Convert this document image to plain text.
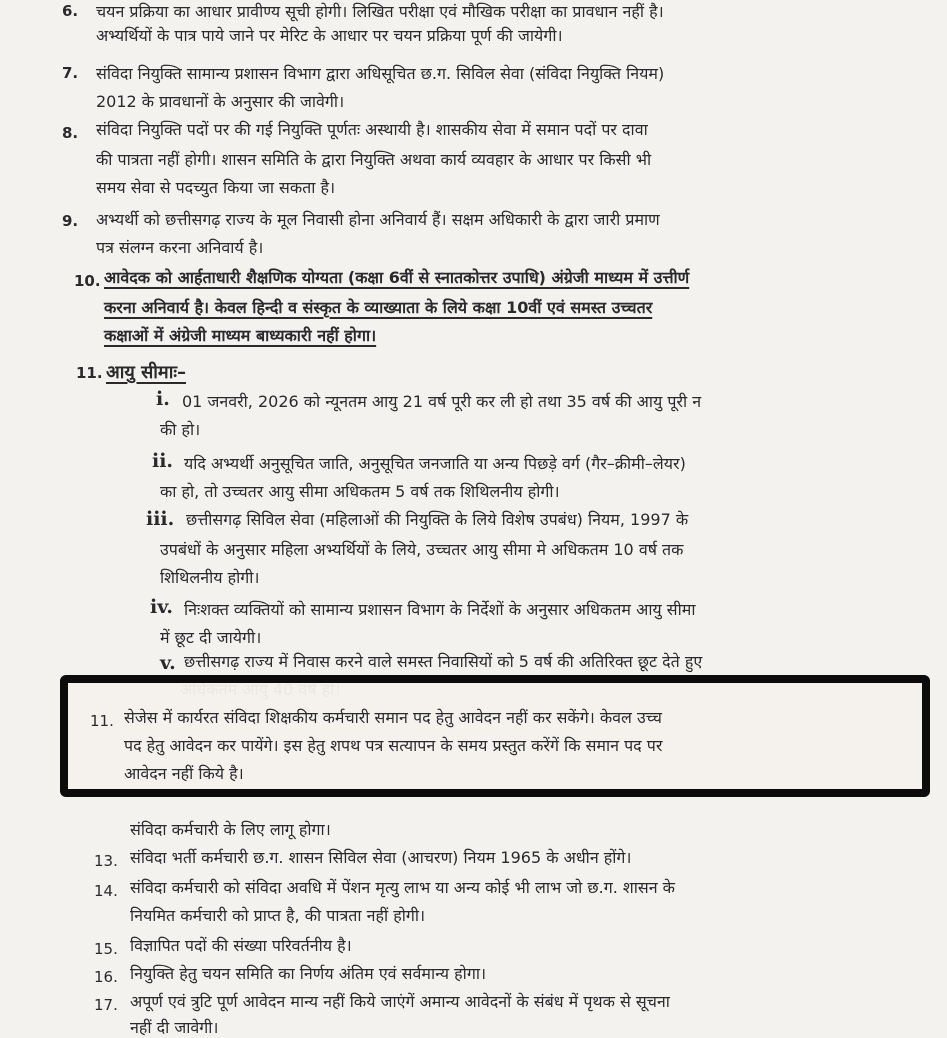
6. चयन प्रक्रिया का आधार प्रावीण्य सूची होगी। लिखित परीक्षा एवं मौखिक परीक्षा का प्रावधान नहीं है।
अभ्यर्थियों के पात्र पाये जाने पर मेरिट के आधार पर चयन प्रक्रिया पूर्ण की जायेगी।
7. संविदा नियुक्ति सामान्य प्रशासन विभाग द्वारा अधिसूचित छ.ग. सिविल सेवा (संविदा नियुक्ति नियम)
2012 के प्रावधानों के अनुसार की जावेगी।
8. संविदा नियुक्ति पदों पर की गई नियुक्ति पूर्णतः अस्थायी है। शासकीय सेवा में समान पदों पर दावा
की पात्रता नहीं होगी। शासन समिति के द्वारा नियुक्ति अथवा कार्य व्यवहार के आधार पर किसी भी
समय सेवा से पदच्युत किया जा सकता है।
9. अभ्यर्थी को छत्तीसगढ़ राज्य के मूल निवासी होना अनिवार्य हैं। सक्षम अधिकारी के द्वारा जारी प्रमाण
पत्र संलग्न करना अनिवार्य है।
10. आवेदक को आर्हताधारी शैक्षणिक योग्यता (कक्षा 6वीं से स्नातकोत्तर उपाधि) अंग्रेजी माध्यम में उत्तीर्ण
करना अनिवार्य है। केवल हिन्दी व संस्कृत के व्याख्याता के लिये कक्षा 10वीं एवं समस्त उच्चतर
कक्षाओं में अंग्रेजी माध्यम बाध्यकारी नहीं होगा।
11. आयु सीमाः–
i. 01 जनवरी, 2026 को न्यूनतम आयु 21 वर्ष पूरी कर ली हो तथा 35 वर्ष की आयु पूरी न
की हो।
ii. यदि अभ्यर्थी अनुसूचित जाति, अनुसूचित जनजाति या अन्य पिछड़े वर्ग (गैर–क्रीमी–लेयर)
का हो, तो उच्चतर आयु सीमा अधिकतम 5 वर्ष तक शिथिलनीय होगी।
iii. छत्तीसगढ़ सिविल सेवा (महिलाओं की नियुक्ति के लिये विशेष उपबंध) नियम, 1997 के
उपबंधों के अनुसार महिला अभ्यर्थियों के लिये, उच्चतर आयु सीमा मे अधिकतम 10 वर्ष तक
शिथिलनीय होगी।
iv. निःशक्त व्यक्तियों को सामान्य प्रशासन विभाग के निर्देशों के अनुसार अधिकतम आयु सीमा
में छूट दी जायेगी।
v. छत्तीसगढ़ राज्य में निवास करने वाले समस्त निवासियों को 5 वर्ष की अतिरिक्त छूट देते हुए
11. सेजेस में कार्यरत संविदा शिक्षकीय कर्मचारी समान पद हेतु आवेदन नहीं कर सकेंगे। केवल उच्च
पद हेतु आवेदन कर पायेंगे। इस हेतु शपथ पत्र सत्यापन के समय प्रस्तुत करेंगें कि समान पद पर
आवेदन नहीं किये है।
संविदा कर्मचारी के लिए लागू होगा।
13. संविदा भर्ती कर्मचारी छ.ग. शासन सिविल सेवा (आचरण) नियम 1965 के अधीन होंगे।
14. संविदा कर्मचारी को संविदा अवधि में पेंशन मृत्यु लाभ या अन्य कोई भी लाभ जो छ.ग. शासन के
नियमित कर्मचारी को प्राप्त है, की पात्रता नहीं होगी।
15. विज्ञापित पदों की संख्या परिवर्तनीय है।
16. नियुक्ति हेतु चयन समिति का निर्णय अंतिम एवं सर्वमान्य होगा।
17. अपूर्ण एवं त्रुटि पूर्ण आवेदन मान्य नहीं किये जाएंगें अमान्य आवेदनों के संबंध में पृथक से सूचना
नहीं दी जावेगी।
